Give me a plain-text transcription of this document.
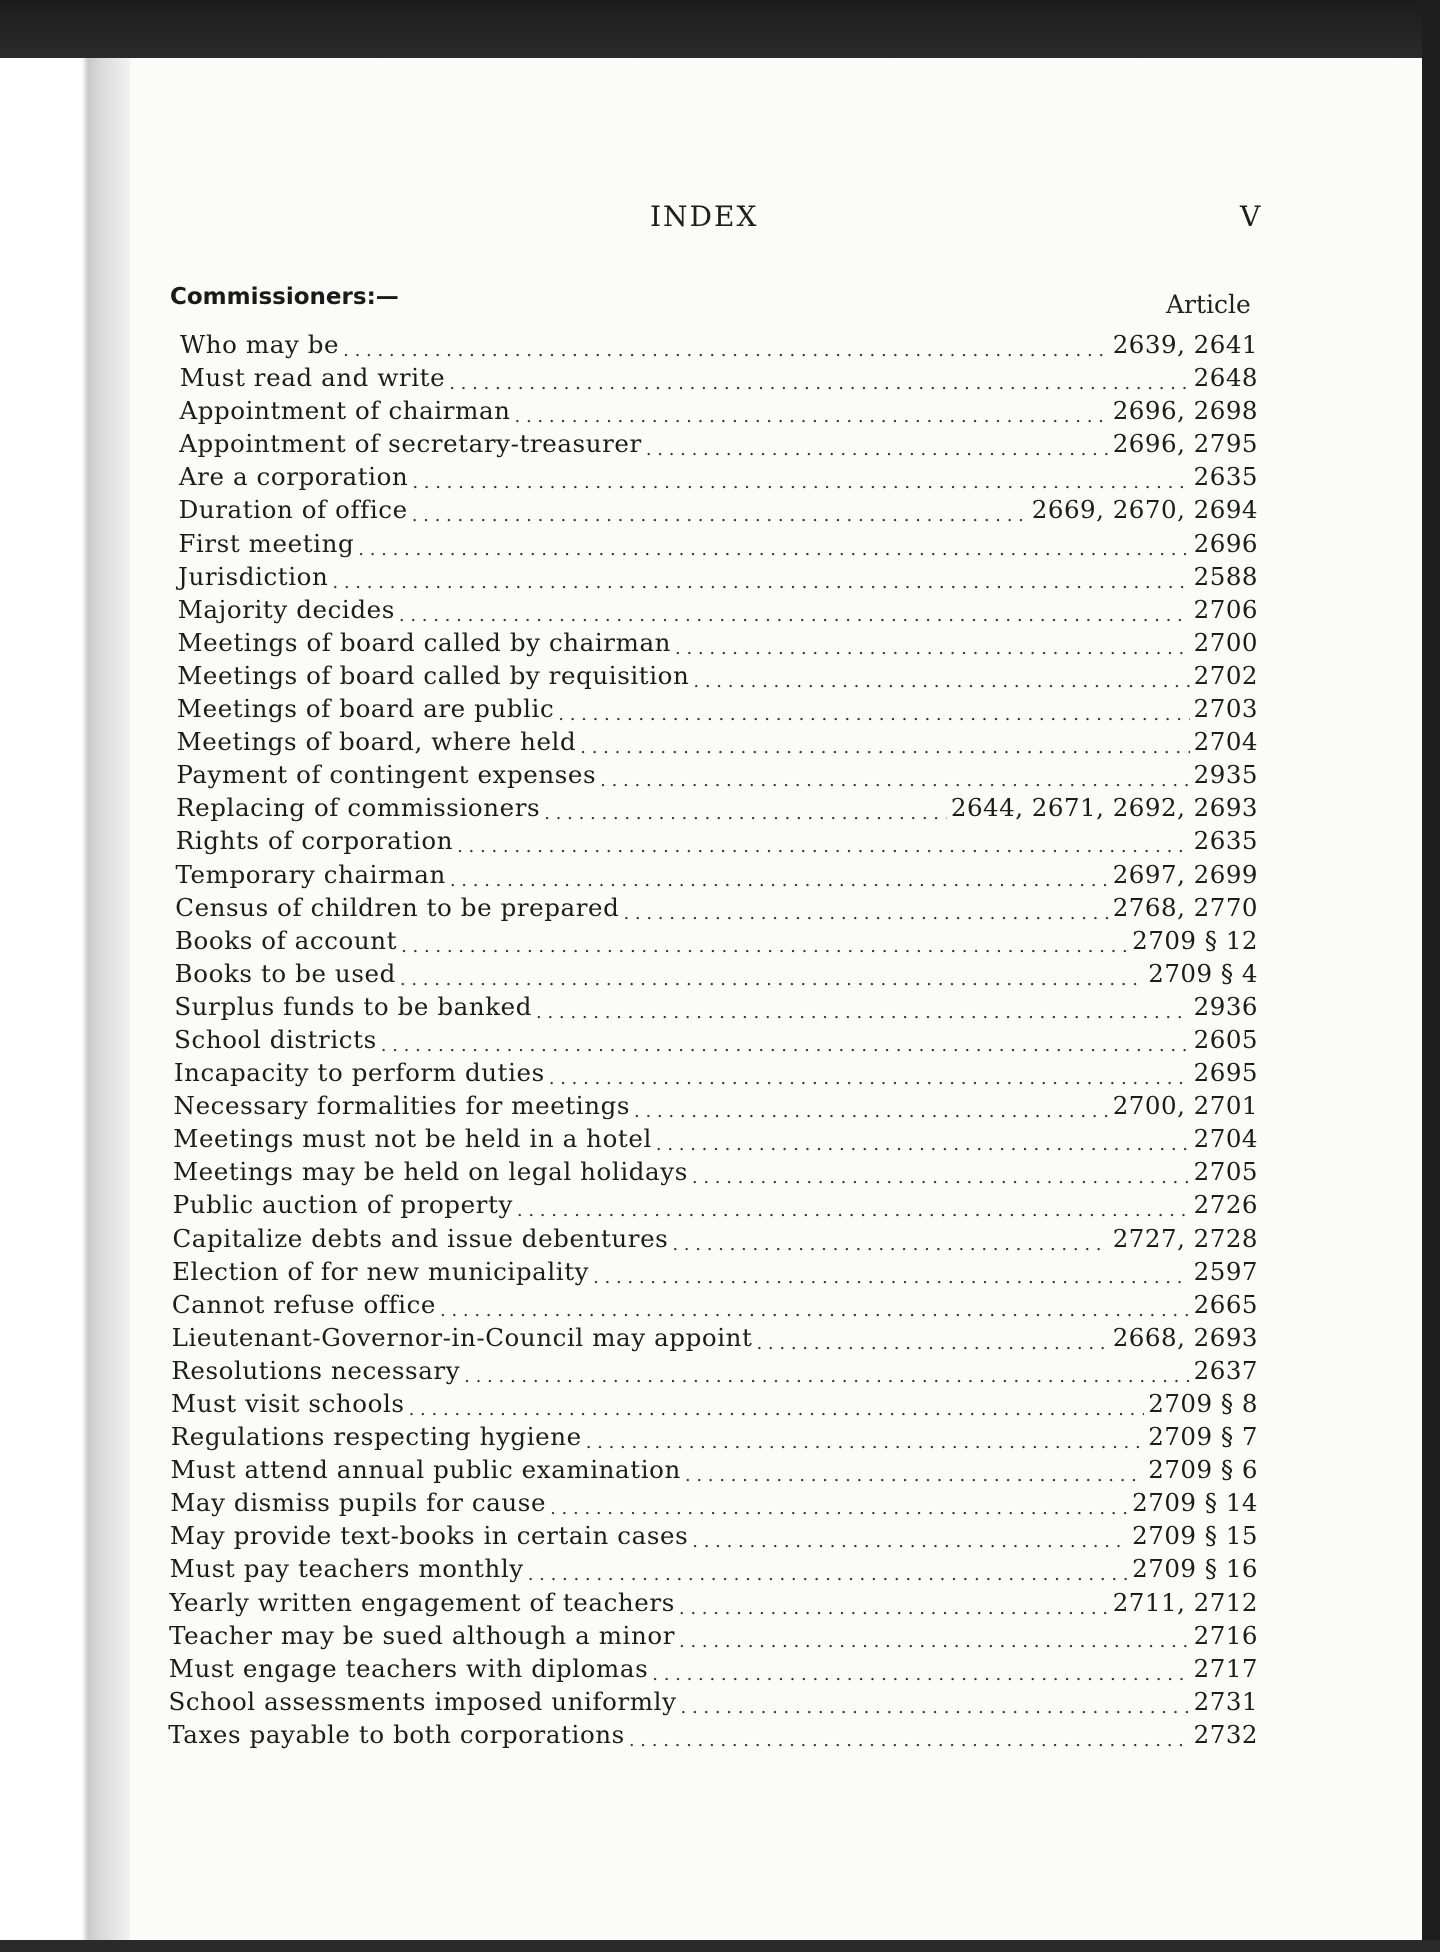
INDEX	V
Commissioners:—	Article
Who may be . . .	2639, 2641
Must read and write . . .	2648
Appointment of chairman . . .	2696, 2698
Appointment of secretary-treasurer . . .	2696, 2795
Are a corporation . . .	2635
Duration of office . . .	2669, 2670, 2694
First meeting . . .	2696
Jurisdiction . . .	2588
Majority decides . . .	2706
Meetings of board called by chairman . . .	2700
Meetings of board called by requisition . . .	2702
Meetings of board are public . . .	2703
Meetings of board, where held . . .	2704
Payment of contingent expenses . . .	2935
Replacing of commissioners . . .	2644, 2671, 2692, 2693
Rights of corporation . . .	2635
Temporary chairman . . .	2697, 2699
Census of children to be prepared . . .	2768, 2770
Books of account . . .	2709 § 12
Books to be used . . .	2709 § 4
Surplus funds to be banked . . .	2936
School districts . . .	2605
Incapacity to perform duties . . .	2695
Necessary formalities for meetings . . .	2700, 2701
Meetings must not be held in a hotel . . .	2704
Meetings may be held on legal holidays . . .	2705
Public auction of property . . .	2726
Capitalize debts and issue debentures . . .	2727, 2728
Election of for new municipality . . .	2597
Cannot refuse office . . .	2665
Lieutenant-Governor-in-Council may appoint . . .	2668, 2693
Resolutions necessary . . .	2637
Must visit schools . . .	2709 § 8
Regulations respecting hygiene . . .	2709 § 7
Must attend annual public examination . . .	2709 § 6
May dismiss pupils for cause . . .	2709 § 14
May provide text-books in certain cases . . .	2709 § 15
Must pay teachers monthly . . .	2709 § 16
Yearly written engagement of teachers . . .	2711, 2712
Teacher may be sued although a minor . . .	2716
Must engage teachers with diplomas . . .	2717
School assessments imposed uniformly . . .	2731
Taxes payable to both corporations . . .	2732
